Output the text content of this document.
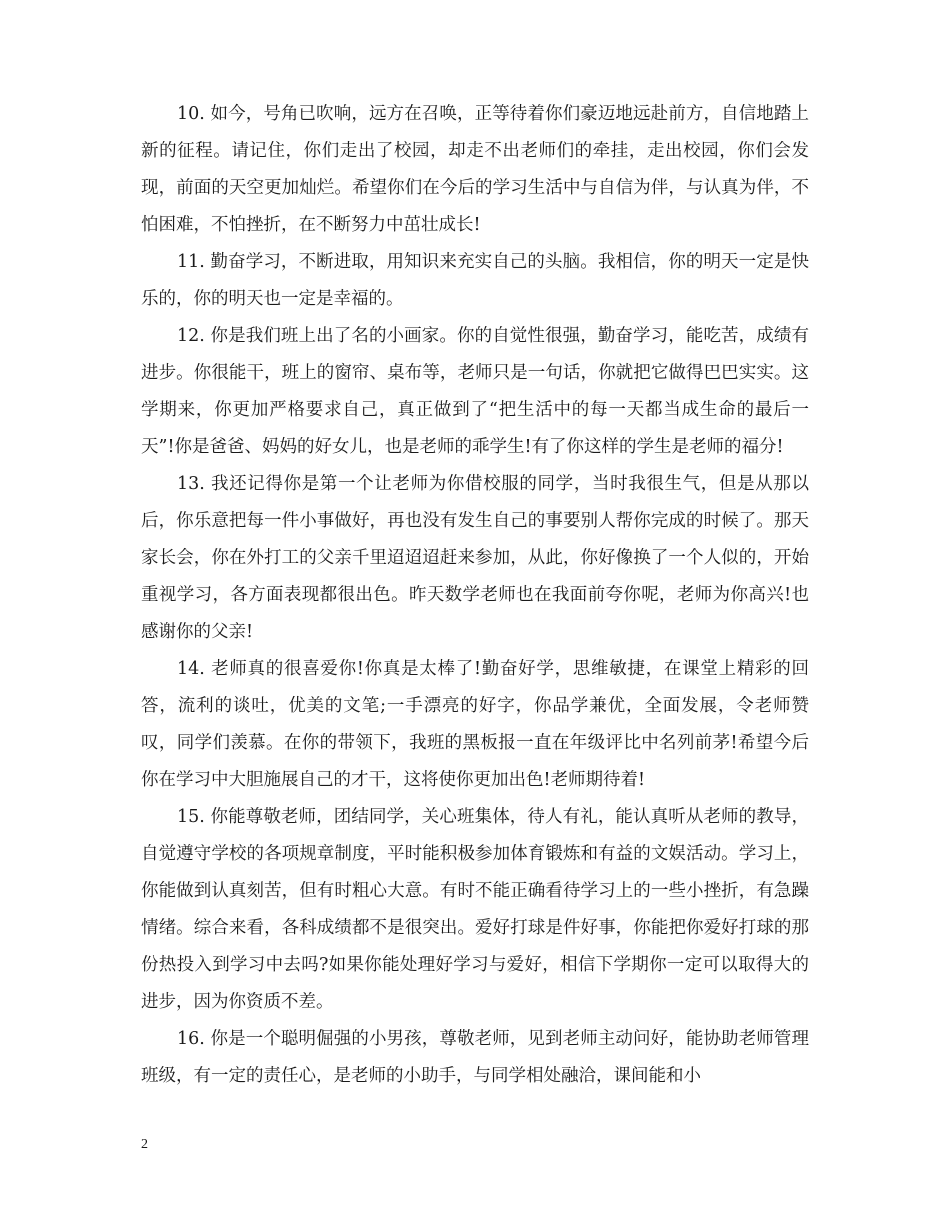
10. 如今，号角已吹响，远方在召唤，正等待着你们豪迈地远赴前方，自信地踏上新的征程。请记住，你们走出了校园，却走不出老师们的牵挂，走出校园，你们会发现，前面的天空更加灿烂。希望你们在今后的学习生活中与自信为伴，与认真为伴，不怕困难，不怕挫折，在不断努力中茁壮成长!

11. 勤奋学习，不断进取，用知识来充实自己的头脑。我相信，你的明天一定是快乐的，你的明天也一定是幸福的。

12. 你是我们班上出了名的小画家。你的自觉性很强，勤奋学习，能吃苦，成绩有进步。你很能干，班上的窗帘、桌布等，老师只是一句话，你就把它做得巴巴实实。这学期来，你更加严格要求自己，真正做到了“把生活中的每一天都当成生命的最后一天”!你是爸爸、妈妈的好女儿，也是老师的乖学生!有了你这样的学生是老师的福分!

13. 我还记得你是第一个让老师为你借校服的同学，当时我很生气，但是从那以后，你乐意把每一件小事做好，再也没有发生自己的事要别人帮你完成的时候了。那天家长会，你在外打工的父亲千里迢迢迢赶来参加，从此，你好像换了一个人似的，开始重视学习，各方面表现都很出色。昨天数学老师也在我面前夸你呢，老师为你高兴!也感谢你的父亲!

14. 老师真的很喜爱你!你真是太棒了!勤奋好学，思维敏捷，在课堂上精彩的回答，流利的谈吐，优美的文笔;一手漂亮的好字，你品学兼优，全面发展，令老师赞叹，同学们羡慕。在你的带领下，我班的黑板报一直在年级评比中名列前茅!希望今后你在学习中大胆施展自己的才干，这将使你更加出色!老师期待着!

15. 你能尊敬老师，团结同学，关心班集体，待人有礼，能认真听从老师的教导，自觉遵守学校的各项规章制度，平时能积极参加体育锻炼和有益的文娱活动。学习上，你能做到认真刻苦，但有时粗心大意。有时不能正确看待学习上的一些小挫折，有急躁情绪。综合来看，各科成绩都不是很突出。爱好打球是件好事，你能把你爱好打球的那份热投入到学习中去吗?如果你能处理好学习与爱好，相信下学期你一定可以取得大的进步，因为你资质不差。

16. 你是一个聪明倔强的小男孩，尊敬老师，见到老师主动问好，能协助老师管理班级，有一定的责任心，是老师的小助手，与同学相处融洽，课间能和小

2
